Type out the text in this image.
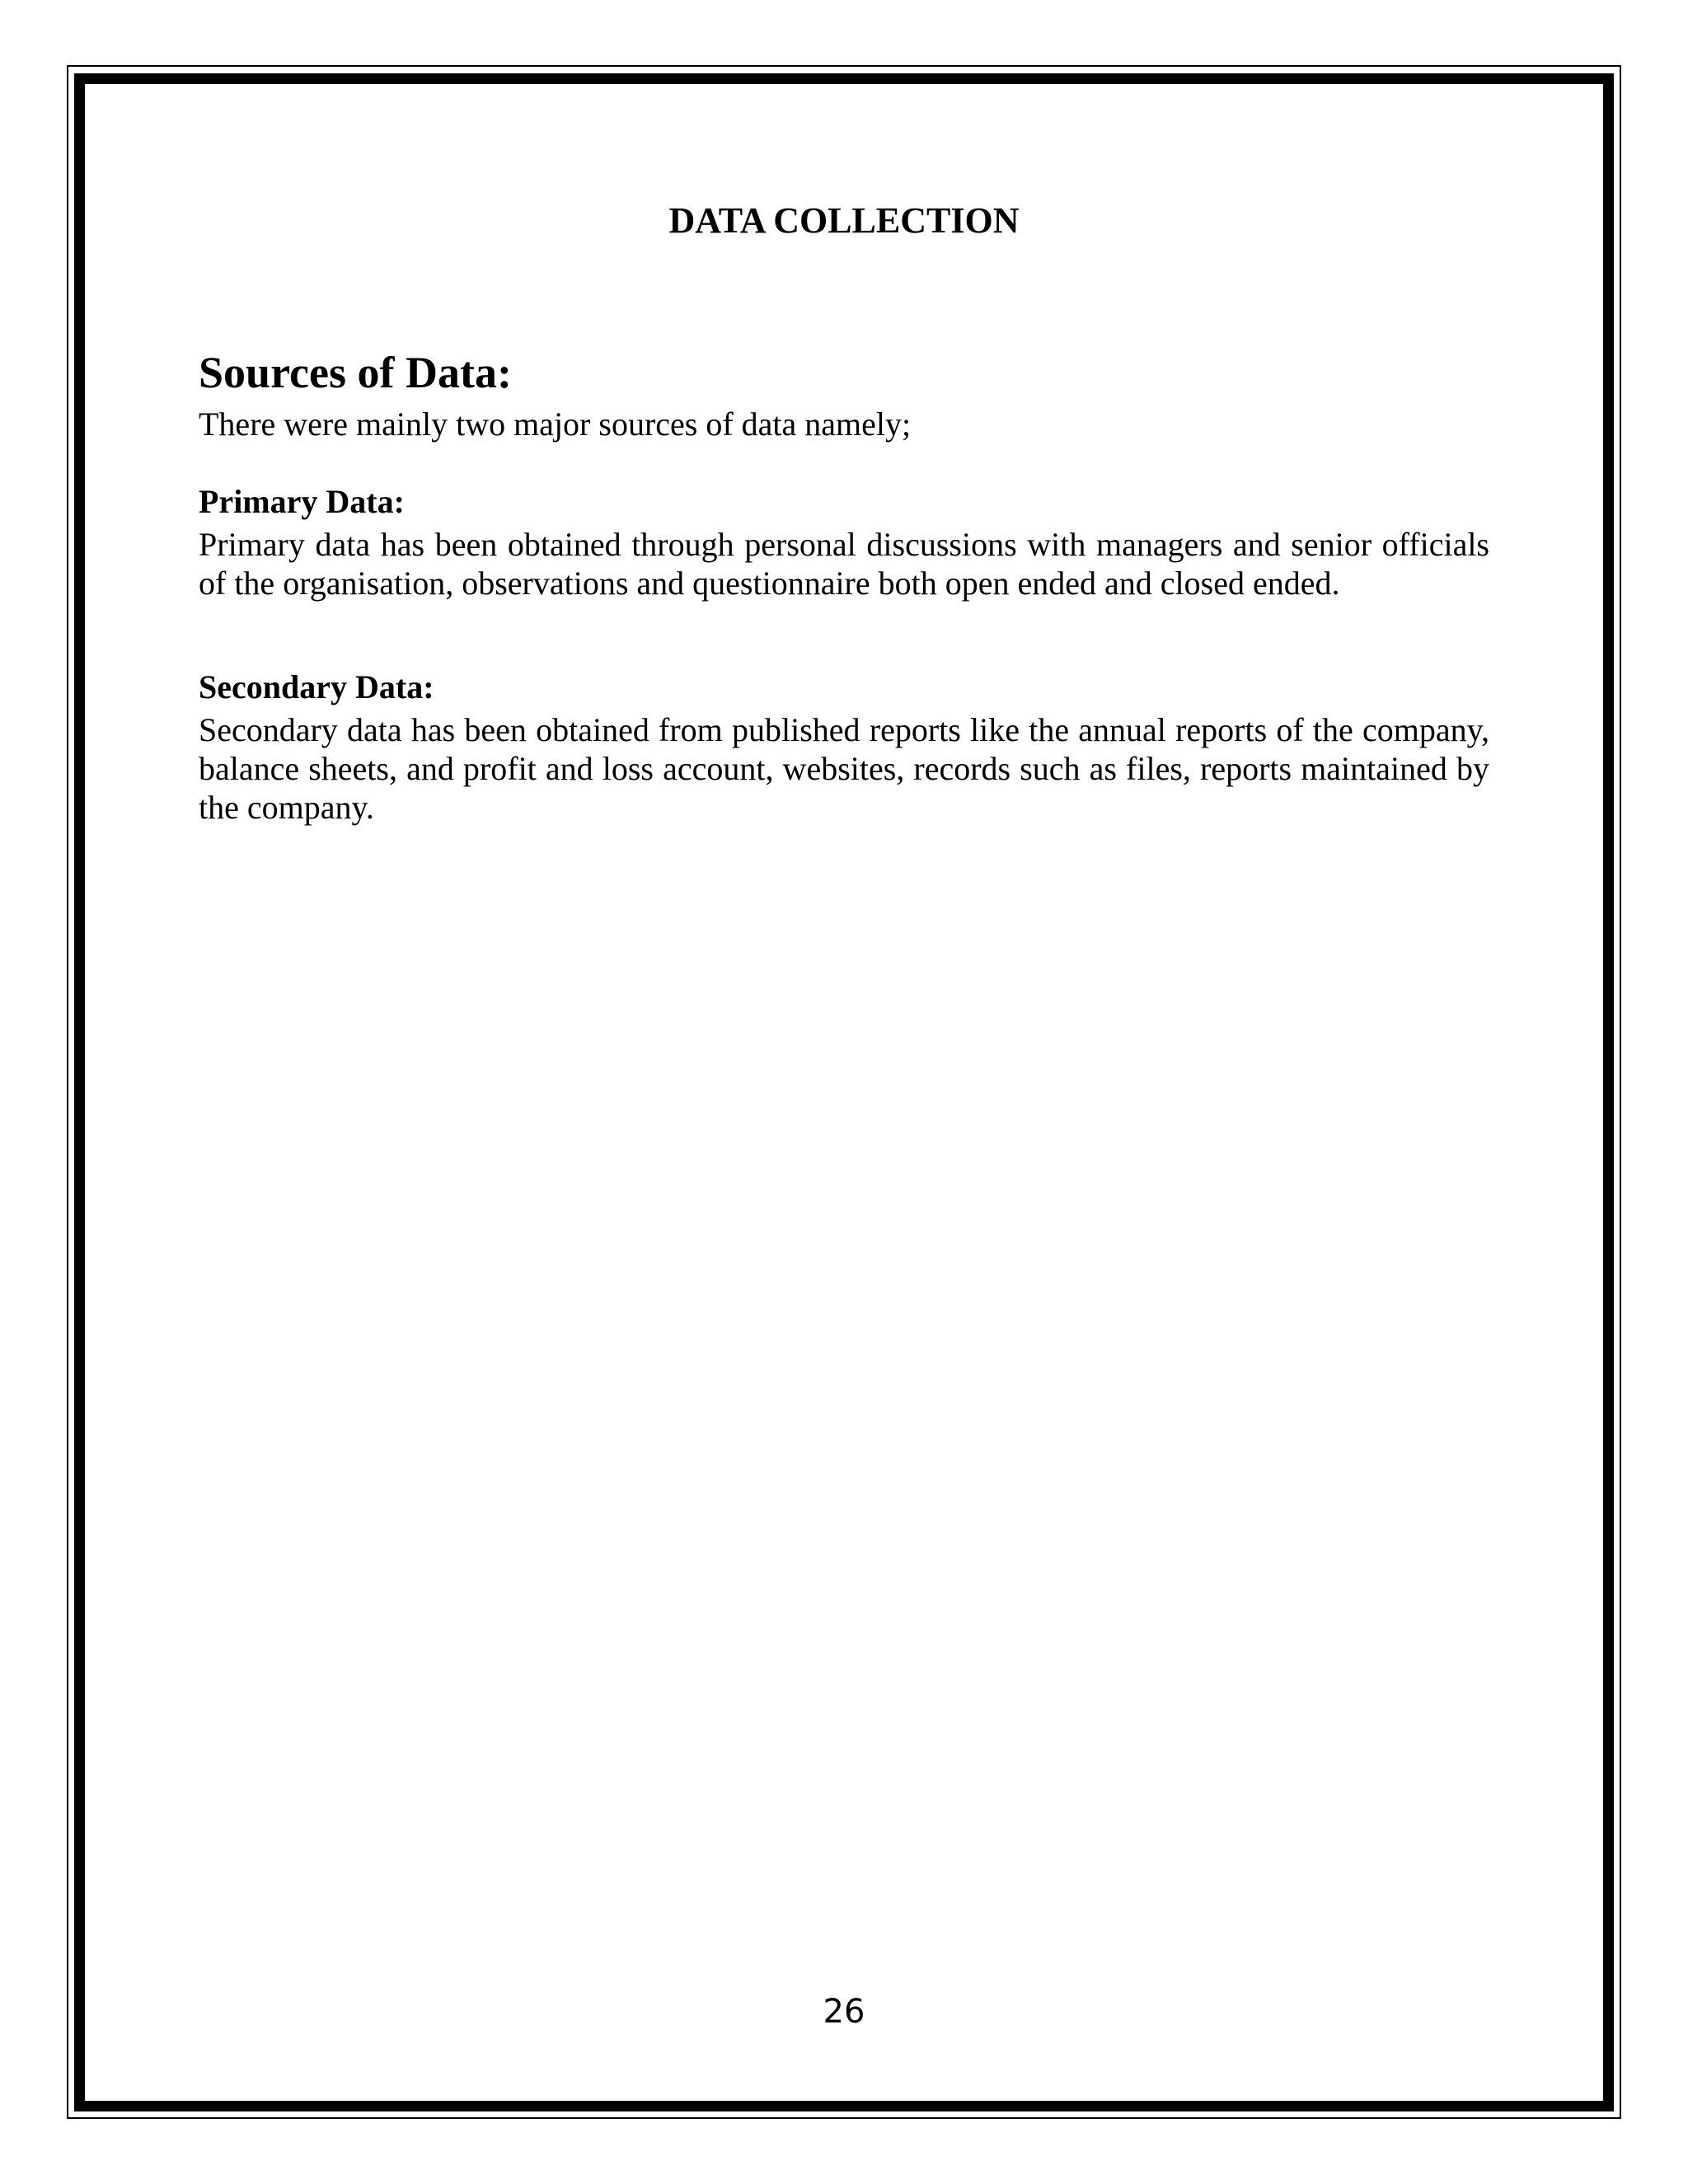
DATA COLLECTION
Sources of Data:

There were mainly two major sources of data namely;

Primary Data:

Primary data has been obtained through personal discussions with managers and senior officials of the organisation, observations and questionnaire both open ended and closed ended.

Secondary Data:

Secondary data has been obtained from published reports like the annual reports of the company, balance sheets, and profit and loss account, websites, records such as files, reports maintained by the company.

26
